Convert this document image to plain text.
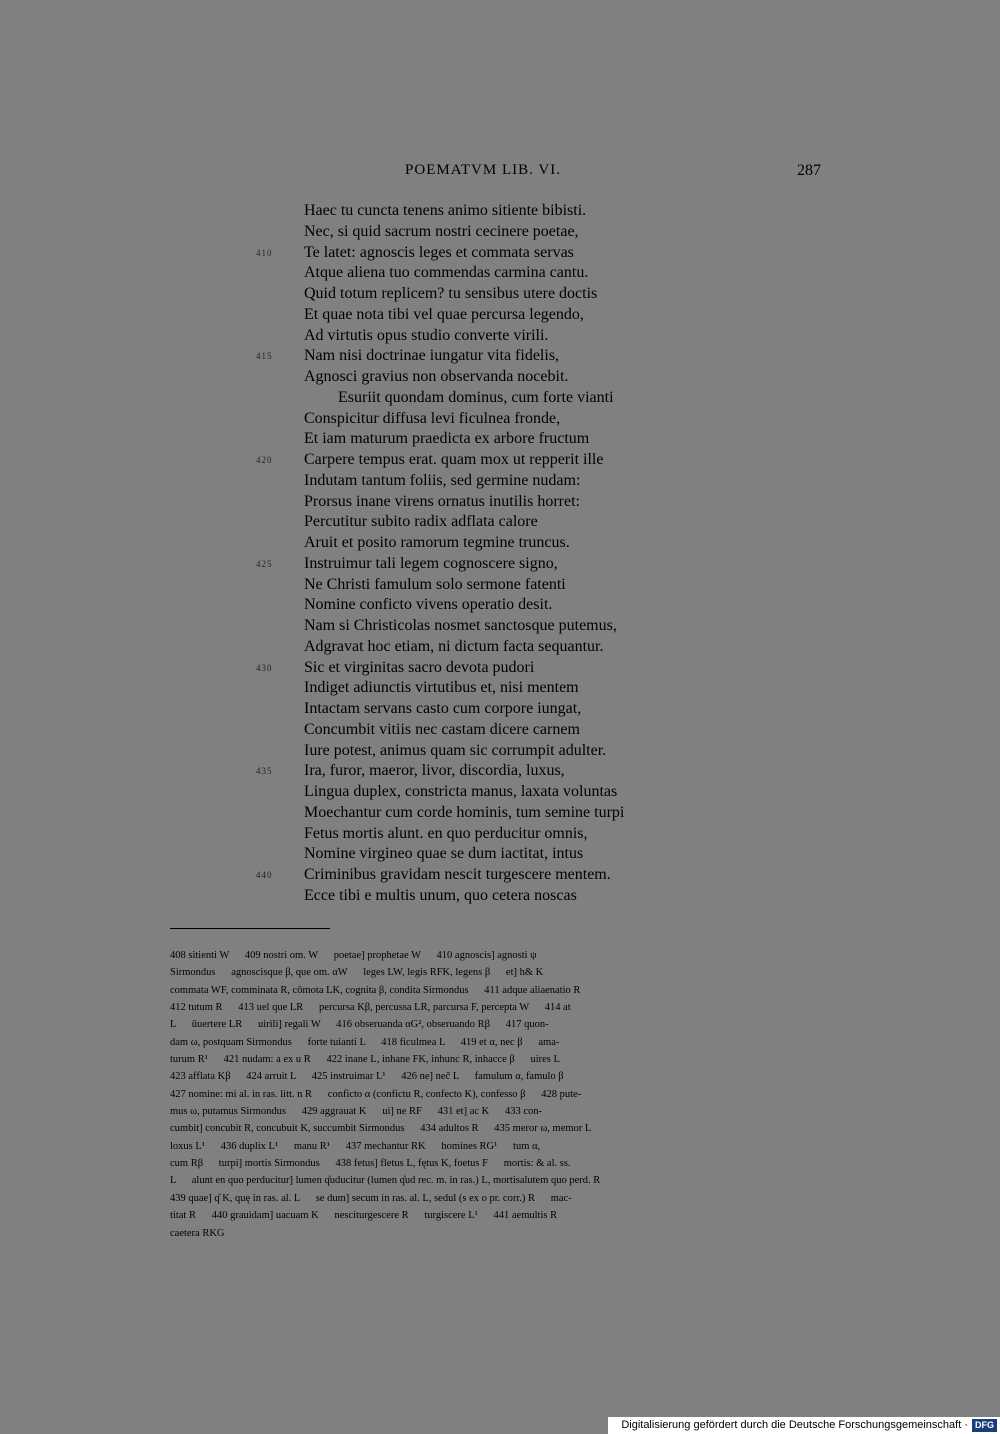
POEMATVM LIB. VI.	287
Haec tu cuncta tenens animo sitiente bibisti.
Nec, si quid sacrum nostri cecinere poetae,
410 Te latet: agnoscis leges et commata servas
Atque aliena tuo commendas carmina cantu.
Quid totum replicem? tu sensibus utere doctis
Et quae nota tibi vel quae percursa legendo,
Ad virtutis opus studio converte virili.
415 Nam nisi doctrinae iungatur vita fidelis,
Agnosci gravius non observanda nocebit.
Esuriit quondam dominus, cum forte vianti
Conspicitur diffusa levi ficulnea fronde,
Et iam maturum praedicta ex arbore fructum
420 Carpere tempus erat. quam mox ut repperit ille
Indutam tantum foliis, sed germine nudam:
Prorsus inane virens ornatus inutilis horret:
Percutitur subito radix adflata calore
Aruit et posito ramorum tegmine truncus.
425 Instruimur tali legem cognoscere signo,
Ne Christi famulum solo sermone fatenti
Nomine conficto vivens operatio desit.
Nam si Christicolas nosmet sanctosque putemus,
Adgravat hoc etiam, ni dictum facta sequantur.
430 Sic et virginitas sacro devota pudori
Indiget adiunctis virtutibus et, nisi mentem
Intactam servans casto cum corpore iungat,
Concumbit vitiis nec castam dicere carnem
Iure potest, animus quam sic corrumpit adulter.
435 Ira, furor, maeror, livor, discordia, luxus,
Lingua duplex, constricta manus, laxata voluntas
Moechantur cum corde hominis, tum semine turpi
Fetus mortis alunt. en quo perducitur omnis,
Nomine virgineo quae se dum iactitat, intus
440 Criminibus gravidam nescit turgescere mentem.
Ecce tibi e multis unum, quo cetera noscas
408 sitienti W      409 nostri om. W      poetae] prophetae W      410 agnoscis] agnosti ψ
Sirmondus      agnoscisque β, que om. αW      leges LW, legis RFK, legens β      et] h& K
commata WF, comminata R, cōmota LK, cognita β, condita Sirmondus      411 adque aliaenatio R
412 tutum R      413 uel que LR      percursa Kβ, percussa LR, parcursa F, percepta W      414 at
L      ūuertere LR      uirili] regali W      416 obseruanda αG², obseruando Rβ      417 quon-
dam ω, postquam Sirmondus      forte tuianti L      418 ficulmea L      419 et α, nec β      ama-
turum R¹      421 nudam: a ex u R      422 inane L, inhane FK, inhunc R, inhacce β      uires L
423 afflata Kβ      424 arruit L      425 instruimar L¹      426 ne] neč L      famulum α, famulo β
427 nomine: mi al. in ras. litt. n R      conficto α (confictu R, confecto K), confesso β      428 pute-
mus ω, putamus Sirmondus      429 aggrauat K      ui] ne RF      431 et] ac K      433 con-
cumbit] concubit R, concubuit K, succumbit Sirmondus      434 adultos R      435 meror ω, memor L
loxus L¹      436 duplix L¹      manu R¹      437 mechantur RK      homines RG¹      tum α,
cum Rβ      turpi] mortis Sirmondus      438 fetus] fletus L, fętus K, foetus F      mortis: & al. ss.
L      alunt en quo perducitur] lumen q̊uducitur (lumen q̊ud rec. m. in ras.) L, mortisalutem quo perd. R
439 quae] q̊ K, quę in ras. al. L      se dum] secum in ras. al. L, sedul (s ex o pr. corr.) R      mac-
titat R      440 grauidam] uacuam K      nesciturgescere R      turgiscere L¹      441 aemultis R
caetera RKG
Digitalisierung gefördert durch die Deutsche Forschungsgemeinschaft · DFG
